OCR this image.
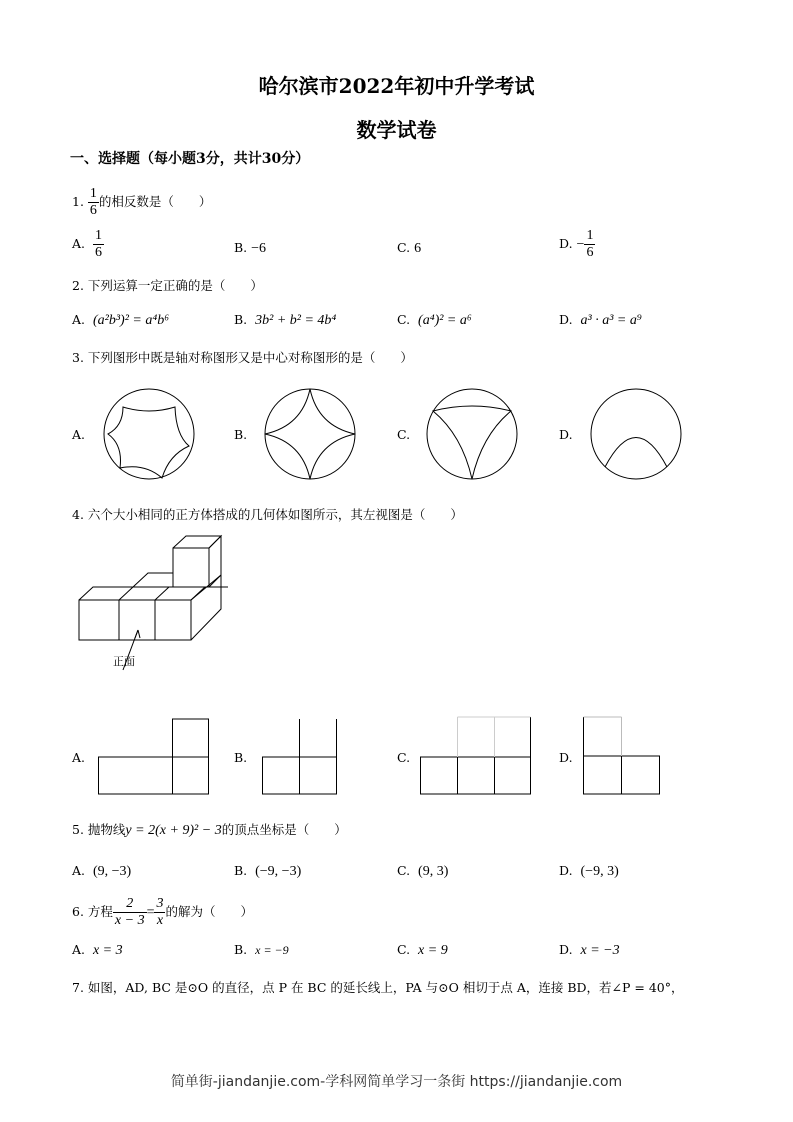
哈尔滨市2022年初中升学考试
数学试卷
一、选择题（每小题3分，共计30分）
1. $\frac{1}{6}$ 的相反数是（　　）
A. $\frac{1}{6}$	B. −6	C. 6	D. − $\frac{1}{6}$
2. 下列运算一定正确的是（　　）
A. (a²b³)² = a⁴b⁶	B. 3b² + b² = 4b⁴	C. (a⁴)² = a⁶	D. a³ · a³ = a⁹
3. 下列图形中既是轴对称图形又是中心对称图形的是（　　）
A.	B.	C.	D.
4. 六个大小相同的正方体搭成的几何体如图所示，其左视图是（　　）
正面
A.	B.	C.	D.
5. 抛物线y = 2(x + 9)² − 3的顶点坐标是（　　）
A. (9, −3)	B. (−9, −3)	C. (9, 3)	D. (−9, 3)
6. 方程 $\frac{2}{x - 3} = \frac{3}{x}$ 的解为（　　）
A. x = 3	B. x = −9	C. x = 9	D. x = −3
7. 如图，AD, BC 是⊙O 的直径，点 P 在 BC 的延长线上，PA 与⊙O 相切于点 A，连接 BD，若∠P = 40°，
简单街-jiandanjie.com-学科网简单学习一条街 https://jiandanjie.com
